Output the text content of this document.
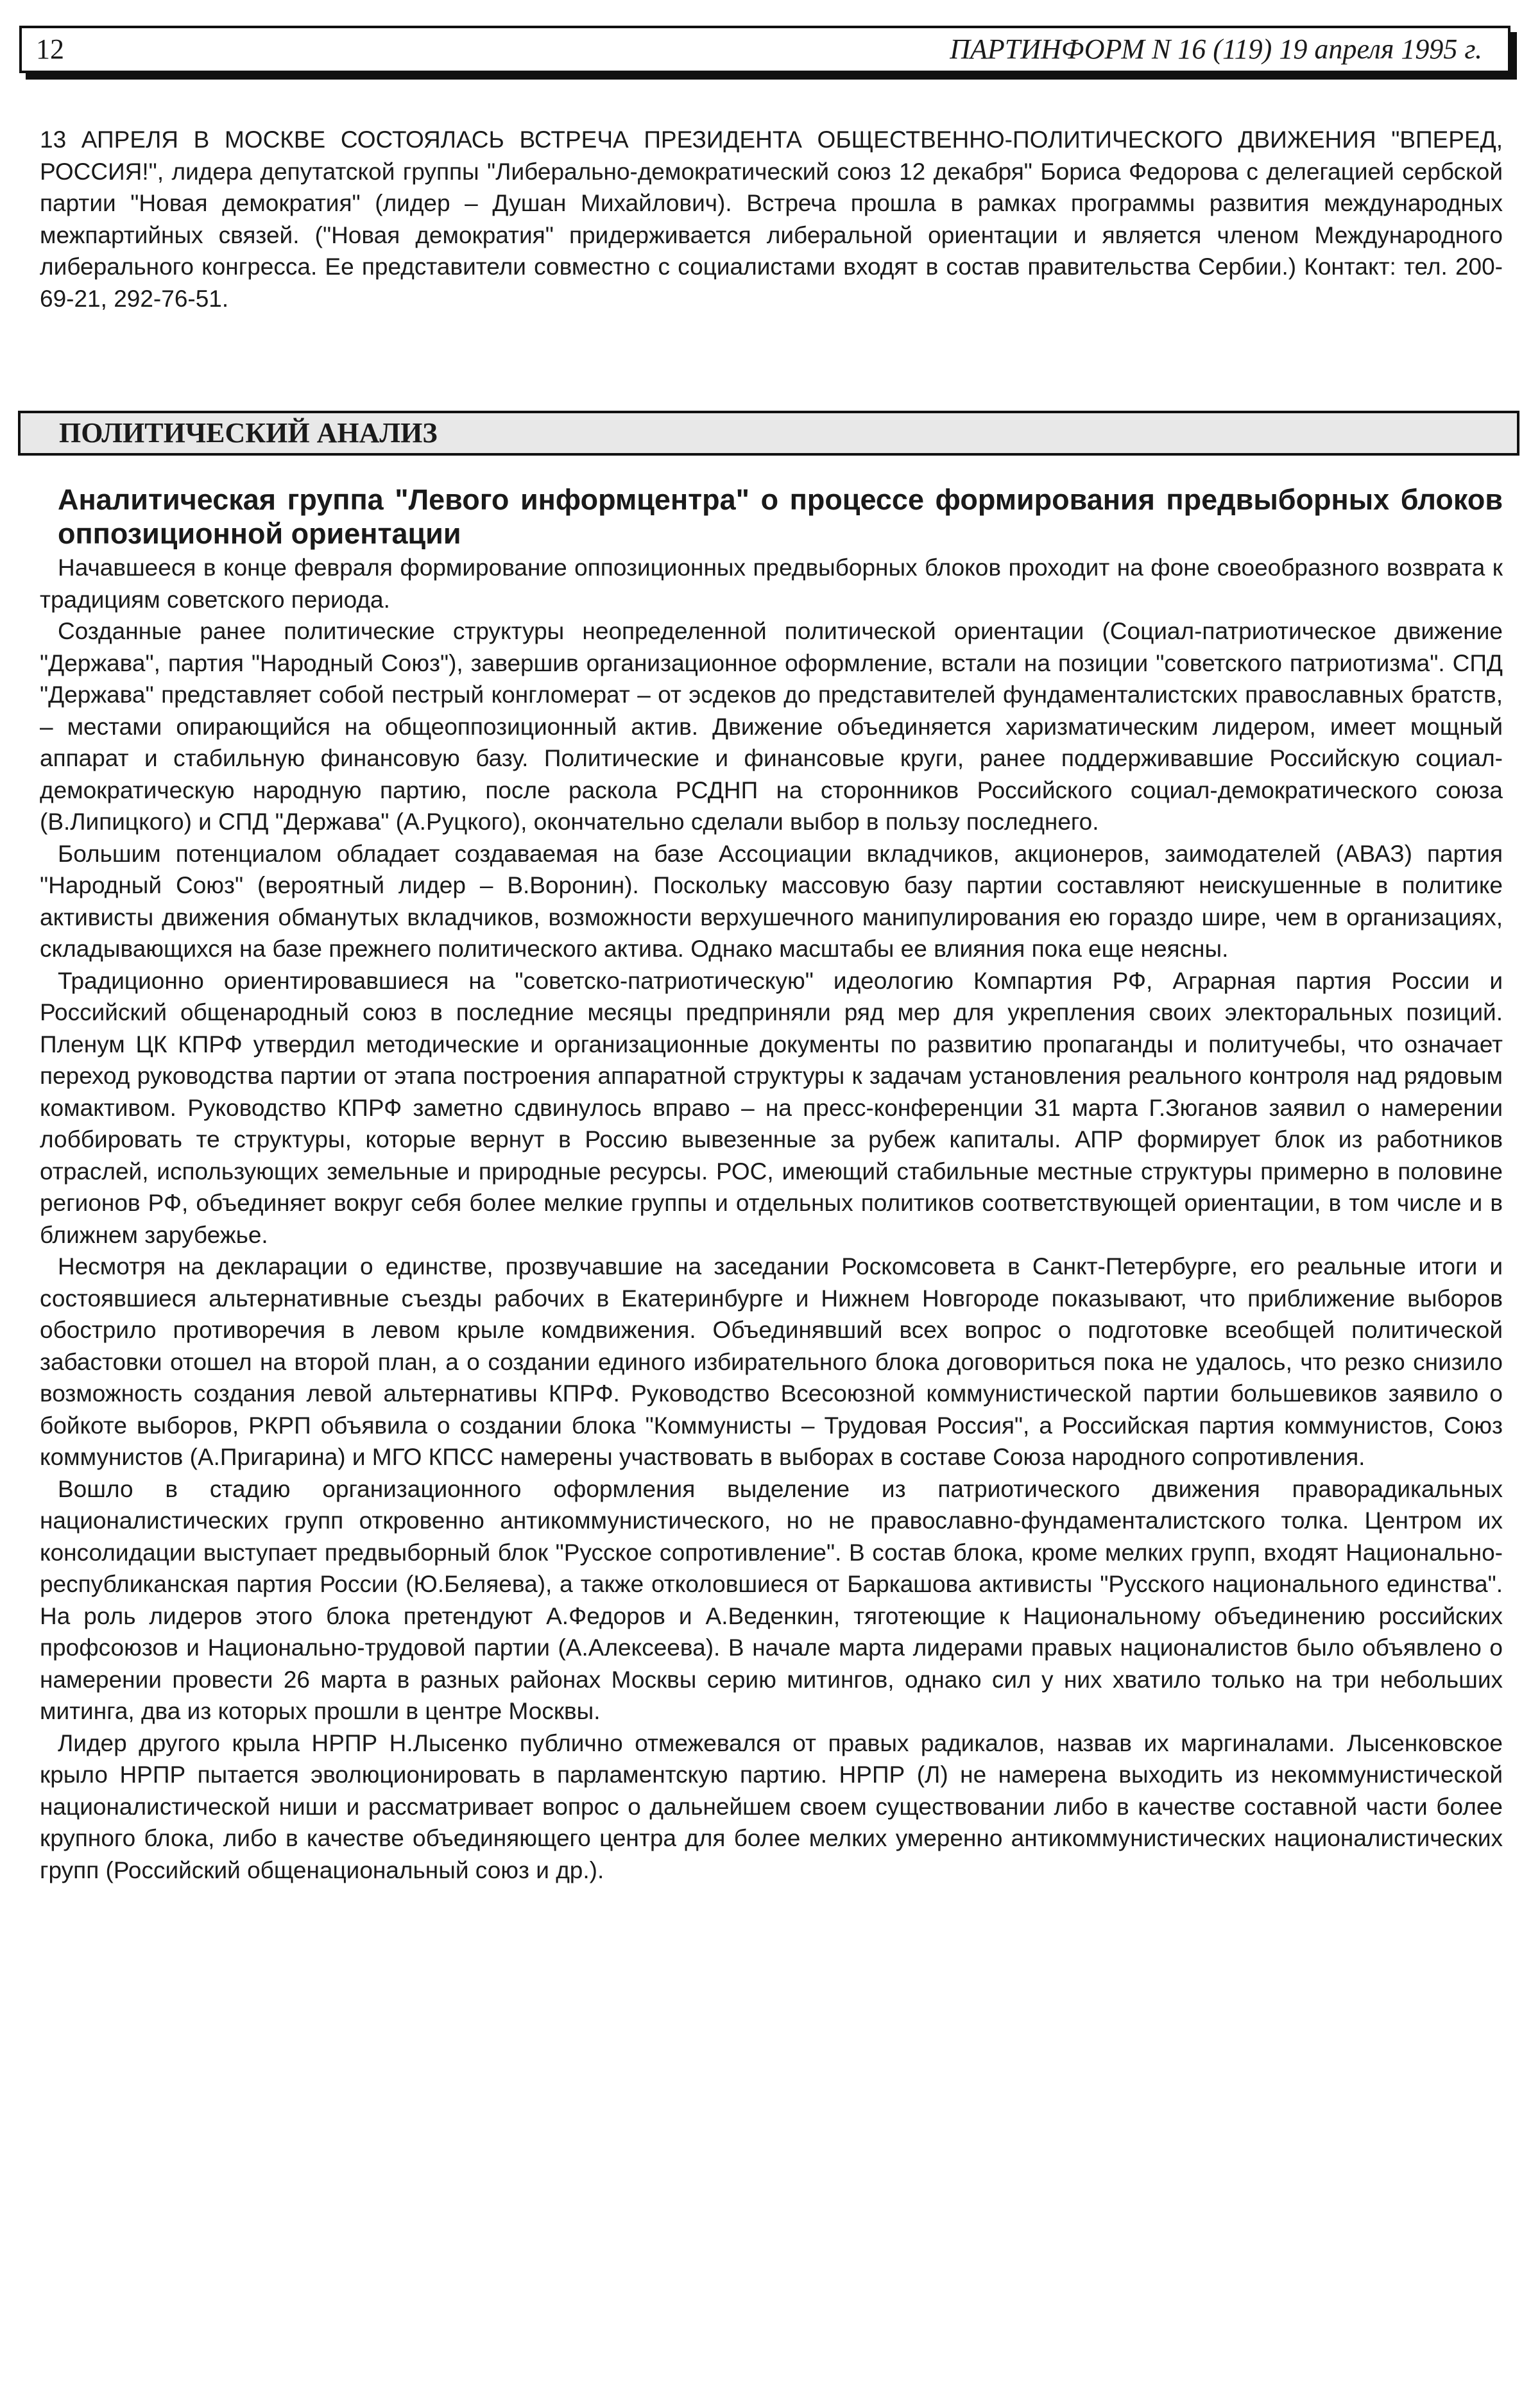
12	ПАРТИНФОРМ N 16 (119) 19 апреля 1995 г.

13 АПРЕЛЯ В МОСКВЕ СОСТОЯЛАСЬ ВСТРЕЧА ПРЕЗИДЕНТА ОБЩЕСТВЕННО-ПОЛИТИЧЕСКОГО ДВИЖЕНИЯ "ВПЕРЕД, РОССИЯ!", лидера депутатской группы "Либерально-демократический союз 12 декабря" Бориса Федорова с делегацией сербской партии "Новая демократия" (лидер – Душан Михайлович). Встреча прошла в рамках программы развития международных межпартийных связей. ("Новая демократия" придерживается либеральной ориентации и является членом Международного либерального конгресса. Ее представители совместно с социалистами входят в состав правительства Сербии.) Контакт: тел. 200-69-21, 292-76-51.

ПОЛИТИЧЕСКИЙ АНАЛИЗ
Аналитическая группа "Левого информцентра" о процессе формирования предвыборных блоков оппозиционной ориентации

Начавшееся в конце февраля формирование оппозиционных предвыборных блоков проходит на фоне своеобразного возврата к традициям советского периода.

Созданные ранее политические структуры неопределенной политической ориентации (Социал-патриотическое движение "Держава", партия "Народный Союз"), завершив организационное оформление, встали на позиции "советского патриотизма". СПД "Держава" представляет собой пестрый конгломерат – от эсдеков до представителей фундаменталистских православных братств, – местами опирающийся на общеоппозиционный актив. Движение объединяется харизматическим лидером, имеет мощный аппарат и стабильную финансовую базу. Политические и финансовые круги, ранее поддерживавшие Российскую социал-демократическую народную партию, после раскола РСДНП на сторонников Российского социал-демократического союза (В.Липицкого) и СПД "Держава" (А.Руцкого), окончательно сделали выбор в пользу последнего.

Большим потенциалом обладает создаваемая на базе Ассоциации вкладчиков, акционеров, заимодателей (АВАЗ) партия "Народный Союз" (вероятный лидер – В.Воронин). Поскольку массовую базу партии составляют неискушенные в политике активисты движения обманутых вкладчиков, возможности верхушечного манипулирования ею гораздо шире, чем в организациях, складывающихся на базе прежнего политического актива. Однако масштабы ее влияния пока еще неясны.

Традиционно ориентировавшиеся на "советско-патриотическую" идеологию Компартия РФ, Аграрная партия России и Российский общенародный союз в последние месяцы предприняли ряд мер для укрепления своих электоральных позиций. Пленум ЦК КПРФ утвердил методические и организационные документы по развитию пропаганды и политучебы, что означает переход руководства партии от этапа построения аппаратной структуры к задачам установления реального контроля над рядовым комактивом. Руководство КПРФ заметно сдвинулось вправо – на пресс-конференции 31 марта Г.Зюганов заявил о намерении лоббировать те структуры, которые вернут в Россию вывезенные за рубеж капиталы. АПР формирует блок из работников отраслей, использующих земельные и природные ресурсы. РОС, имеющий стабильные местные структуры примерно в половине регионов РФ, объединяет вокруг себя более мелкие группы и отдельных политиков соответствующей ориентации, в том числе и в ближнем зарубежье.

Несмотря на декларации о единстве, прозвучавшие на заседании Роскомсовета в Санкт-Петербурге, его реальные итоги и состоявшиеся альтернативные съезды рабочих в Екатеринбурге и Нижнем Новгороде показывают, что приближение выборов обострило противоречия в левом крыле комдвижения. Объединявший всех вопрос о подготовке всеобщей политической забастовки отошел на второй план, а о создании единого избирательного блока договориться пока не удалось, что резко снизило возможность создания левой альтернативы КПРФ. Руководство Всесоюзной коммунистической партии большевиков заявило о бойкоте выборов, РКРП объявила о создании блока "Коммунисты – Трудовая Россия", а Российская партия коммунистов, Союз коммунистов (А.Пригарина) и МГО КПСС намерены участвовать в выборах в составе Союза народного сопротивления.

Вошло в стадию организационного оформления выделение из патриотического движения праворадикальных националистических групп откровенно антикоммунистического, но не православно-фундаменталистского толка. Центром их консолидации выступает предвыборный блок "Русское сопротивление". В состав блока, кроме мелких групп, входят Национально-республиканская партия России (Ю.Беляева), а также отколовшиеся от Баркашова активисты "Русского национального единства". На роль лидеров этого блока претендуют А.Федоров и А.Веденкин, тяготеющие к Национальному объединению российских профсоюзов и Национально-трудовой партии (А.Алексеева). В начале марта лидерами правых националистов было объявлено о намерении провести 26 марта в разных районах Москвы серию митингов, однако сил у них хватило только на три небольших митинга, два из которых прошли в центре Москвы.

Лидер другого крыла НРПР Н.Лысенко публично отмежевался от правых радикалов, назвав их маргиналами. Лысенковское крыло НРПР пытается эволюционировать в парламентскую партию. НРПР (Л) не намерена выходить из некоммунистической националистической ниши и рассматривает вопрос о дальнейшем своем существовании либо в качестве составной части более крупного блока, либо в качестве объединяющего центра для более мелких умеренно антикоммунистических националистических групп (Российский общенациональный союз и др.).
